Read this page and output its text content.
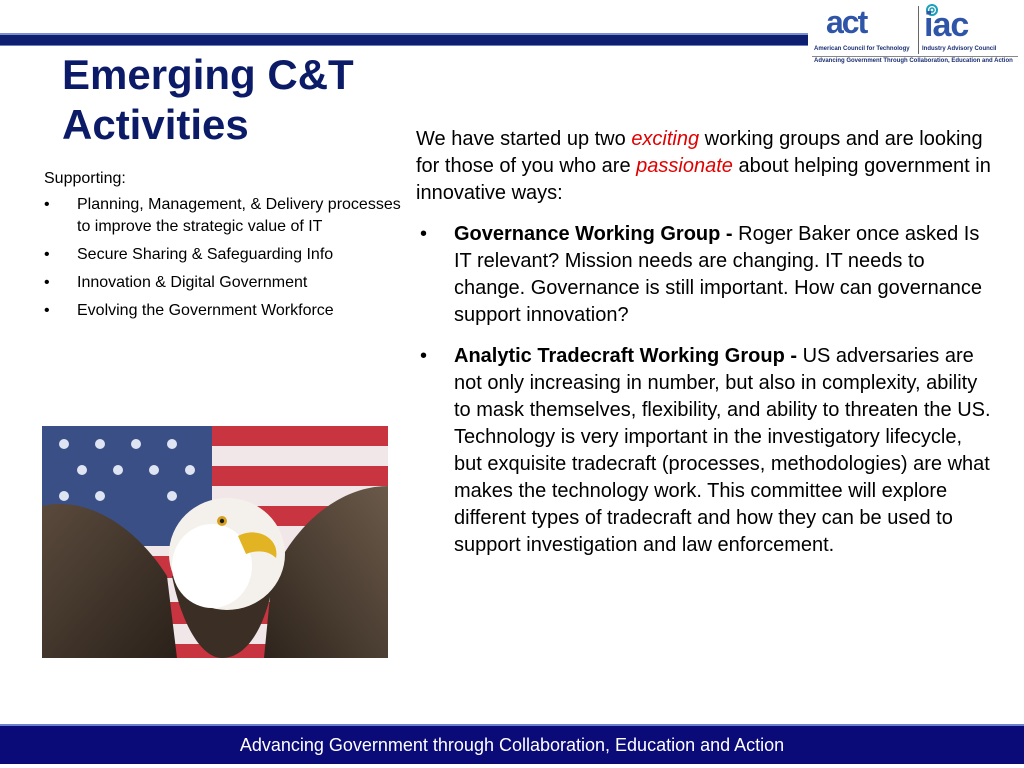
act
American Council for Technology
iac
Industry Advisory Council
Advancing Government Through Collaboration, Education and Action
Emerging C&T
Activities

Supporting:

• Planning, Management, & Delivery processes to improve the strategic value of IT
• Secure Sharing & Safeguarding Info
• Innovation & Digital Government
• Evolving the Government Workforce

We have started up two exciting working groups and are looking for those of you who are passionate about helping government in innovative ways:

• Governance Working Group - Roger Baker once asked Is IT relevant? Mission needs are changing. IT needs to change. Governance is still important. How can governance support innovation?
• Analytic Tradecraft Working Group - US adversaries are not only increasing in number, but also in complexity, ability to mask themselves, flexibility, and ability to threaten the US. Technology is very important in the investigatory lifecycle, but exquisite tradecraft (processes, methodologies) are what makes the technology work. This committee will explore different types of tradecraft and how they can be used to support investigation and law enforcement.
Advancing Government through Collaboration, Education and Action
